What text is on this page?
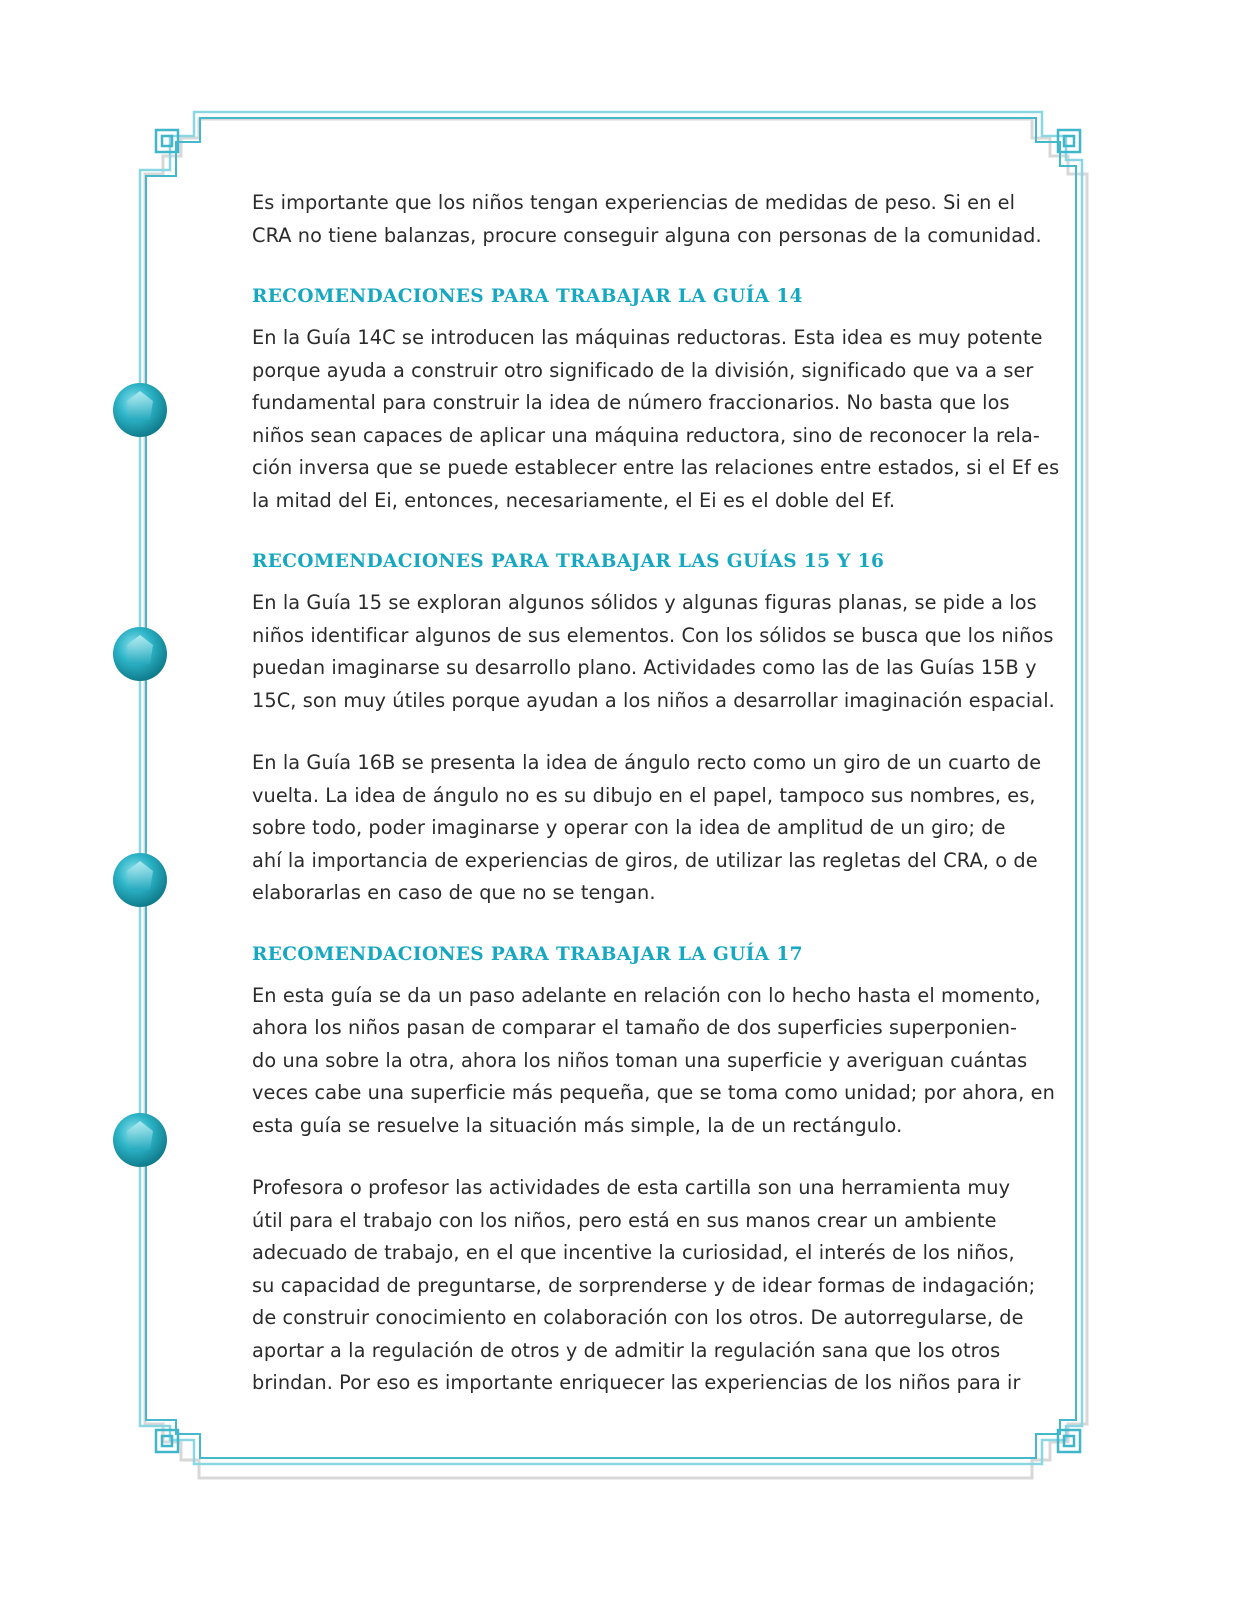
Es importante que los niños tengan experiencias de medidas de peso. Si en el
CRA no tiene balanzas, procure conseguir alguna con personas de la comunidad.

RECOMENDACIONES PARA TRABAJAR LA GUÍA 14

En la Guía 14C se introducen las máquinas reductoras. Esta idea es muy potente
porque ayuda a construir otro significado de la división, significado que va a ser
fundamental para construir la idea de número fraccionarios. No basta que los
niños sean capaces de aplicar una máquina reductora, sino de reconocer la rela-
ción inversa que se puede establecer entre las relaciones entre estados, si el Ef es
la mitad del Ei, entonces, necesariamente, el Ei es el doble del Ef.

RECOMENDACIONES PARA TRABAJAR LAS GUÍAS 15 Y 16

En la Guía 15 se exploran algunos sólidos y algunas figuras planas, se pide a los
niños identificar algunos de sus elementos. Con los sólidos se busca que los niños
puedan imaginarse su desarrollo plano. Actividades como las de las Guías 15B y
15C, son muy útiles porque ayudan a los niños a desarrollar imaginación espacial.

En la Guía 16B se presenta la idea de ángulo recto como un giro de un cuarto de
vuelta. La idea de ángulo no es su dibujo en el papel, tampoco sus nombres, es,
sobre todo, poder imaginarse y operar con la idea de amplitud de un giro; de
ahí la importancia de experiencias de giros, de utilizar las regletas del CRA, o de
elaborarlas en caso de que no se tengan.

RECOMENDACIONES PARA TRABAJAR LA GUÍA 17

En esta guía se da un paso adelante en relación con lo hecho hasta el momento,
ahora los niños pasan de comparar el tamaño de dos superficies superponien-
do una sobre la otra, ahora los niños toman una superficie y averiguan cuántas
veces cabe una superficie más pequeña, que se toma como unidad; por ahora, en
esta guía se resuelve la situación más simple, la de un rectángulo.

Profesora o profesor las actividades de esta cartilla son una herramienta muy
útil para el trabajo con los niños, pero está en sus manos crear un ambiente
adecuado de trabajo, en el que incentive la curiosidad, el interés de los niños,
su capacidad de preguntarse, de sorprenderse y de idear formas de indagación;
de construir conocimiento en colaboración con los otros. De autorregularse, de
aportar a la regulación de otros y de admitir la regulación sana que los otros
brindan. Por eso es importante enriquecer las experiencias de los niños para ir
